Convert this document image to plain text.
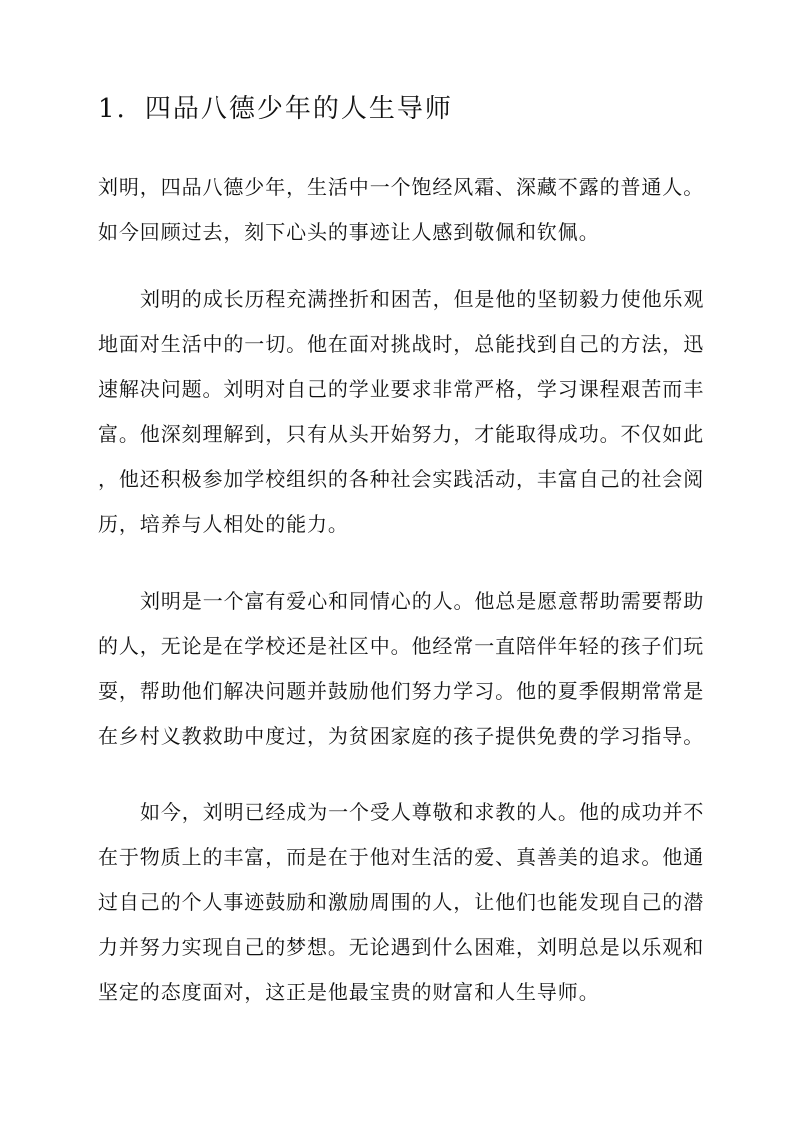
1. 四品八德少年的人生导师
刘明，四品八德少年，生活中一个饱经风霜、深藏不露的普通人。
如今回顾过去，刻下心头的事迹让人感到敬佩和钦佩。
刘明的成长历程充满挫折和困苦，但是他的坚韧毅力使他乐观
地面对生活中的一切。他在面对挑战时，总能找到自己的方法，迅
速解决问题。刘明对自己的学业要求非常严格，学习课程艰苦而丰
富。他深刻理解到，只有从头开始努力，才能取得成功。不仅如此
，他还积极参加学校组织的各种社会实践活动，丰富自己的社会阅
历，培养与人相处的能力。
刘明是一个富有爱心和同情心的人。他总是愿意帮助需要帮助
的人，无论是在学校还是社区中。他经常一直陪伴年轻的孩子们玩
耍，帮助他们解决问题并鼓励他们努力学习。他的夏季假期常常是
在乡村义教救助中度过，为贫困家庭的孩子提供免费的学习指导。
如今，刘明已经成为一个受人尊敬和求教的人。他的成功并不
在于物质上的丰富，而是在于他对生活的爱、真善美的追求。他通
过自己的个人事迹鼓励和激励周围的人，让他们也能发现自己的潜
力并努力实现自己的梦想。无论遇到什么困难，刘明总是以乐观和
坚定的态度面对，这正是他最宝贵的财富和人生导师。
